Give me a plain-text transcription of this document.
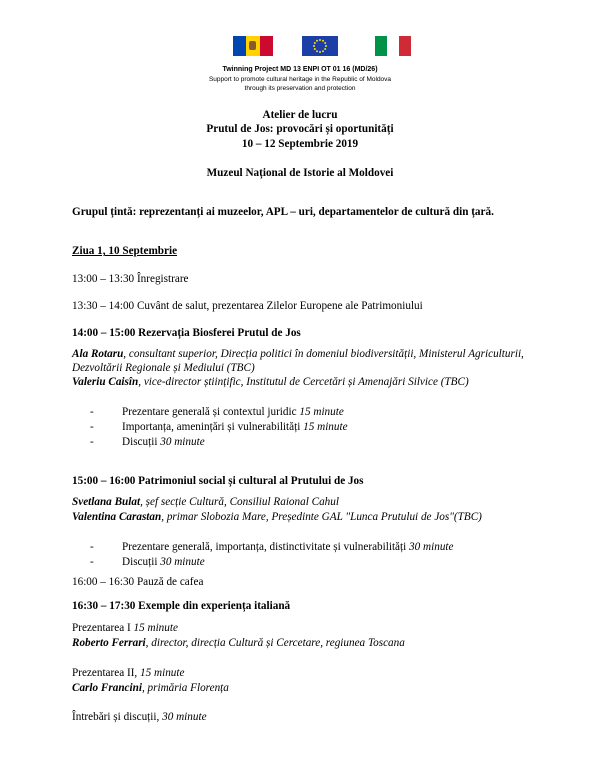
Twinning Project MD 13 ENPI OT 01 16 (MD/26)
Support to promote cultural heritage in the Republic of Moldova
through its preservation and protection
Atelier de lucru
Prutul de Jos: provocări și oportunități
10 – 12 Septembrie 2019
Muzeul Național de Istorie al Moldovei
Grupul țintă: reprezentanți ai muzeelor, APL – uri, departamentelor de cultură din țară.
Ziua 1, 10 Septembrie
13:00 – 13:30 Înregistrare
13:30 – 14:00 Cuvânt de salut, prezentarea Zilelor Europene ale Patrimoniului
14:00 – 15:00 Rezervația Biosferei Prutul de Jos
Ala Rotaru, consultant superior, Direcția politici în domeniul biodiversității, Ministerul Agriculturii,
Dezvoltării Regionale și Mediului (TBC)
Valeriu Caisîn, vice-director științific, Institutul de Cercetări și Amenajări Silvice (TBC)
-	Prezentare generală și contextul juridic 15 minute
-	Importanța, amenințări și vulnerabilități 15 minute
-	Discuții 30 minute
15:00 – 16:00 Patrimoniul social și cultural al Prutului de Jos
Svetlana Bulat, șef secție Cultură, Consiliul Raional Cahul
Valentina Carastan, primar Slobozia Mare, Președinte GAL "Lunca Prutului de Jos"(TBC)
-	Prezentare generală, importanța, distinctivitate și vulnerabilități 30 minute
-	Discuții 30 minute
16:00 – 16:30 Pauză de cafea
16:30 – 17:30 Exemple din experiența italiană
Prezentarea I 15 minute
Roberto Ferrari, director, direcția Cultură și Cercetare, regiunea Toscana
Prezentarea II, 15 minute
Carlo Francini, primăria Florența
Întrebări și discuții, 30 minute
